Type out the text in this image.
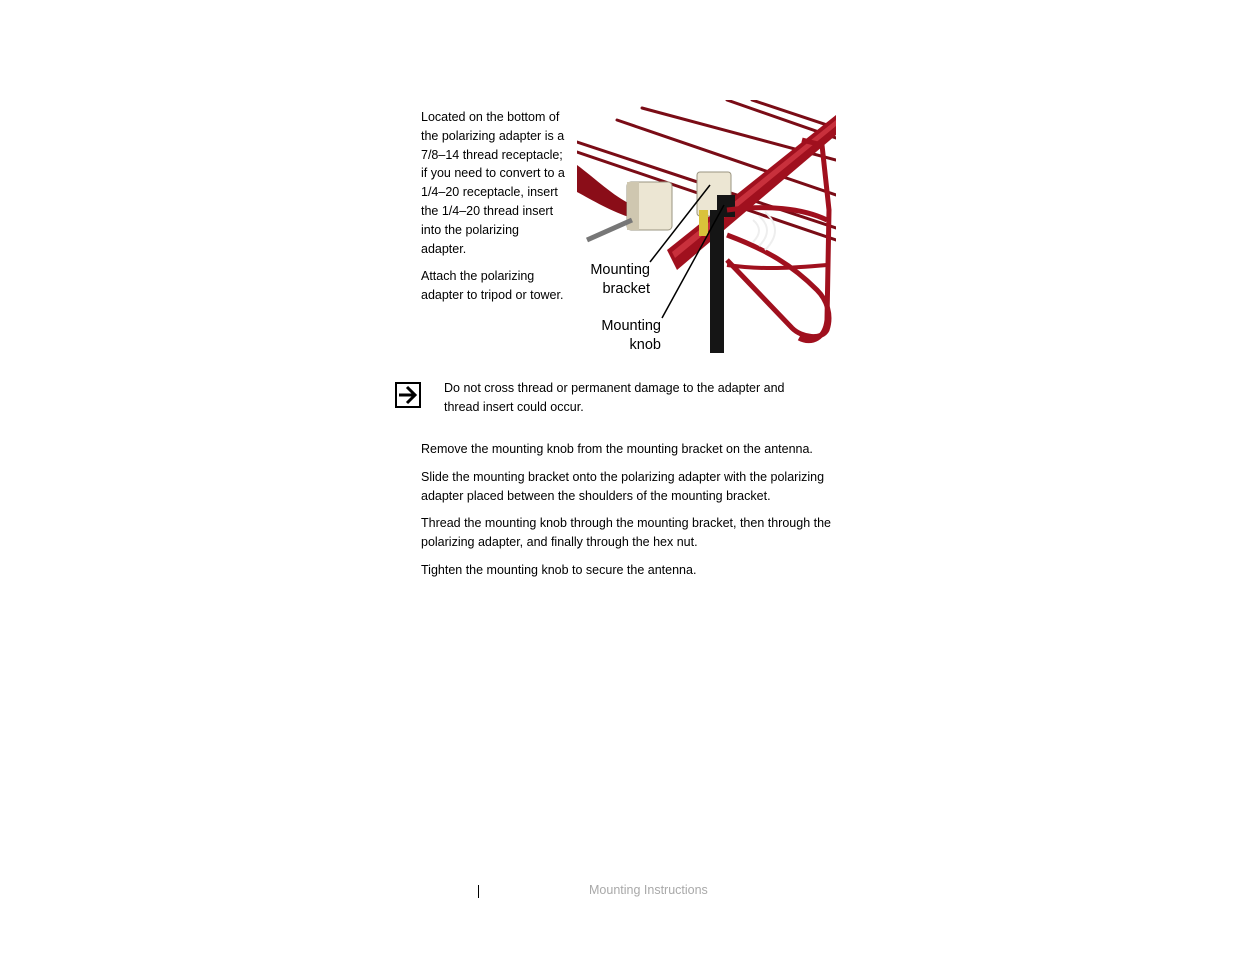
Located on the bottom of the polarizing adapter is a 7/8–14 thread receptacle; if you need to convert to a 1/4–20 receptacle, insert the 1/4–20 thread insert into the polarizing adapter.

Attach the polarizing adapter to tripod or tower.

Mounting
bracket
Mounting
knob
Do not cross thread or permanent damage to the adapter and thread insert could occur.

Remove the mounting knob from the mounting bracket on the antenna.

Slide the mounting bracket onto the polarizing adapter with the polarizing adapter placed between the shoulders of the mounting bracket.

Thread the mounting knob through the mounting bracket, then through the polarizing adapter, and finally through the hex nut.

Tighten the mounting knob to secure the antenna.

Mounting Instructions
